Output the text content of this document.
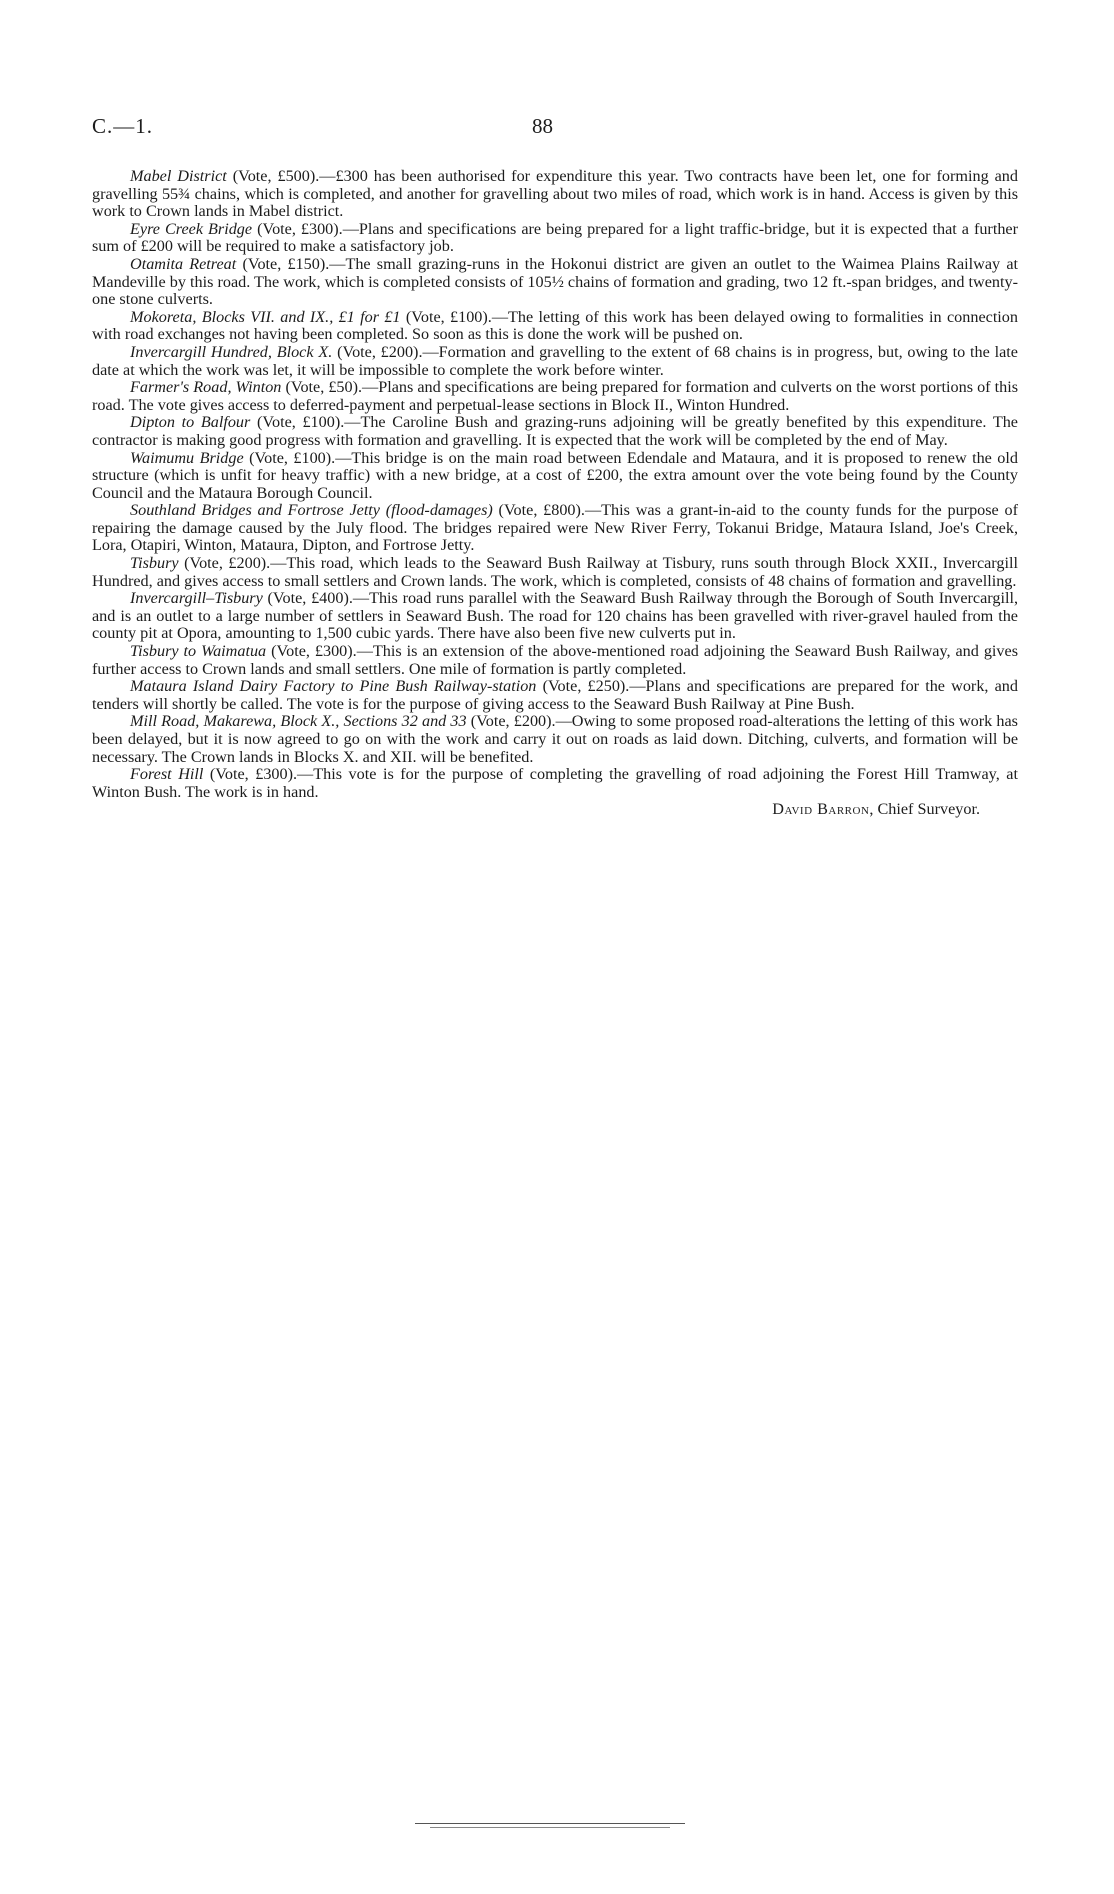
C.—1.	88

Mabel District (Vote, £500).—£300 has been authorised for expenditure this year. Two contracts have been let, one for forming and gravelling 55¾ chains, which is completed, and another for gravelling about two miles of road, which work is in hand. Access is given by this work to Crown lands in Mabel district.

Eyre Creek Bridge (Vote, £300).—Plans and specifications are being prepared for a light traffic-bridge, but it is expected that a further sum of £200 will be required to make a satisfactory job.

Otamita Retreat (Vote, £150).—The small grazing-runs in the Hokonui district are given an outlet to the Waimea Plains Railway at Mandeville by this road. The work, which is completed consists of 105½ chains of formation and grading, two 12 ft.-span bridges, and twenty-one stone culverts.

Mokoreta, Blocks VII. and IX., £1 for £1 (Vote, £100).—The letting of this work has been delayed owing to formalities in connection with road exchanges not having been completed. So soon as this is done the work will be pushed on.

Invercargill Hundred, Block X. (Vote, £200).—Formation and gravelling to the extent of 68 chains is in progress, but, owing to the late date at which the work was let, it will be impossible to complete the work before winter.

Farmer's Road, Winton (Vote, £50).—Plans and specifications are being prepared for formation and culverts on the worst portions of this road. The vote gives access to deferred-payment and perpetual-lease sections in Block II., Winton Hundred.

Dipton to Balfour (Vote, £100).—The Caroline Bush and grazing-runs adjoining will be greatly benefited by this expenditure. The contractor is making good progress with formation and gravelling. It is expected that the work will be completed by the end of May.

Waimumu Bridge (Vote, £100).—This bridge is on the main road between Edendale and Mataura, and it is proposed to renew the old structure (which is unfit for heavy traffic) with a new bridge, at a cost of £200, the extra amount over the vote being found by the County Council and the Mataura Borough Council.

Southland Bridges and Fortrose Jetty (flood-damages) (Vote, £800).—This was a grant-in-aid to the county funds for the purpose of repairing the damage caused by the July flood. The bridges repaired were New River Ferry, Tokanui Bridge, Mataura Island, Joe's Creek, Lora, Otapiri, Winton, Mataura, Dipton, and Fortrose Jetty.

Tisbury (Vote, £200).—This road, which leads to the Seaward Bush Railway at Tisbury, runs south through Block XXII., Invercargill Hundred, and gives access to small settlers and Crown lands. The work, which is completed, consists of 48 chains of formation and gravelling.

Invercargill–Tisbury (Vote, £400).—This road runs parallel with the Seaward Bush Railway through the Borough of South Invercargill, and is an outlet to a large number of settlers in Seaward Bush. The road for 120 chains has been gravelled with river-gravel hauled from the county pit at Opora, amounting to 1,500 cubic yards. There have also been five new culverts put in.

Tisbury to Waimatua (Vote, £300).—This is an extension of the above-mentioned road adjoining the Seaward Bush Railway, and gives further access to Crown lands and small settlers. One mile of formation is partly completed.

Mataura Island Dairy Factory to Pine Bush Railway-station (Vote, £250).—Plans and specifications are prepared for the work, and tenders will shortly be called. The vote is for the purpose of giving access to the Seaward Bush Railway at Pine Bush.

Mill Road, Makarewa, Block X., Sections 32 and 33 (Vote, £200).—Owing to some proposed road-alterations the letting of this work has been delayed, but it is now agreed to go on with the work and carry it out on roads as laid down. Ditching, culverts, and formation will be necessary. The Crown lands in Blocks X. and XII. will be benefited.

Forest Hill (Vote, £300).—This vote is for the purpose of completing the gravelling of road adjoining the Forest Hill Tramway, at Winton Bush. The work is in hand.

David Barron, Chief Surveyor.
